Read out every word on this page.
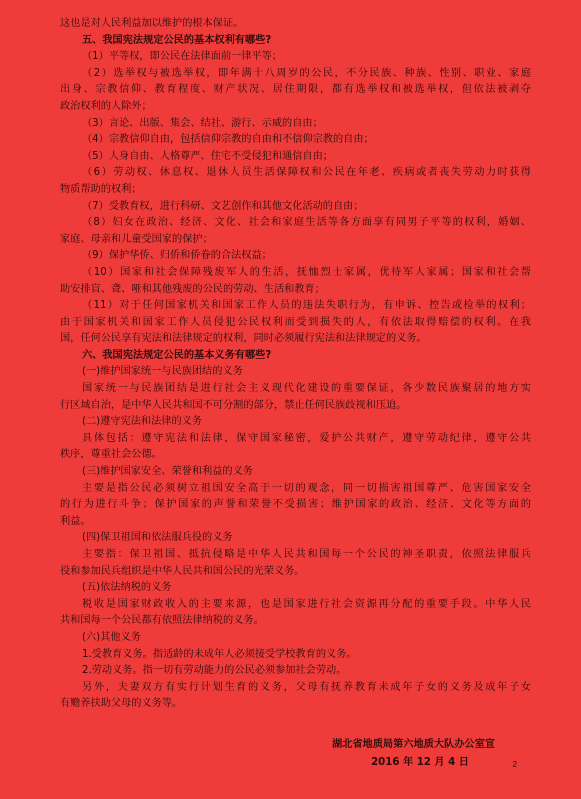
这也是对人民利益加以维护的根本保证。
五、我国宪法规定公民的基本权利有哪些?
（1）平等权，即公民在法律面前一律平等；
（2）选举权与被选举权，即年满十八周岁的公民，不分民族、种族、性别、职业、家庭
出身、宗教信仰、教育程度、财产状况、居住期限，都有选举权和被选举权，但依法被剥夺
政治权利的人除外；
（3）言论、出版、集会、结社、游行、示威的自由；
（4）宗教信仰自由，包括信仰宗教的自由和不信仰宗教的自由；
（5）人身自由、人格尊严、住宅不受侵犯和通信自由；
（6）劳动权、休息权、退休人员生活保障权和公民在年老、疾病或者丧失劳动力时获得
物质帮助的权利；
（7）受教育权，进行科研、文艺创作和其他文化活动的自由；
（8）妇女在政治、经济、文化、社会和家庭生活等各方面享有同男子平等的权利，婚姻、
家庭、母亲和儿童受国家的保护；
（9）保护华侨、归侨和侨眷的合法权益；
（10）国家和社会保障残废军人的生活，抚恤烈士家属，优待军人家属；国家和社会帮
助安排盲、聋、哑和其他残废的公民的劳动、生活和教育；
（11）对于任何国家机关和国家工作人员的违法失职行为，有申诉、控告或检举的权利；
由于国家机关和国家工作人员侵犯公民权利而受到损失的人，有依法取得赔偿的权利。在我
国，任何公民享有宪法和法律规定的权利，同时必须履行宪法和法律规定的义务。
六、我国宪法规定公民的基本义务有哪些?
(一)维护国家统一与民族团结的义务
国家统一与民族团结是进行社会主义现代化建设的重要保证，各少数民族聚居的地方实
行区域自治，是中华人民共和国不可分割的部分，禁止任何民族歧视和压迫。
(二)遵守宪法和法律的义务
具体包括：遵守宪法和法律，保守国家秘密，爱护公共财产，遵守劳动纪律，遵守公共
秩序，尊重社会公德。
(三)维护国家安全、荣誉和利益的义务
主要是指公民必须树立祖国安全高于一切的观念，同一切损害祖国尊严、危害国家安全
的行为进行斗争；保护国家的声誉和荣誉不受损害；维护国家的政治、经济、文化等方面的
利益。
(四)保卫祖国和依法服兵役的义务
主要指：保卫祖国、抵抗侵略是中华人民共和国每一个公民的神圣职责，依照法律服兵
役和参加民兵组织是中华人民共和国公民的光荣义务。
(五)依法纳税的义务
税收是国家财政收入的主要来源，也是国家进行社会资源再分配的重要手段。中华人民
共和国每一个公民都有依照法律纳税的义务。
(六)其他义务
1.受教育义务。指适龄的未成年人必须接受学校教育的义务。
2.劳动义务。指一切有劳动能力的公民必须参加社会劳动。
另外，夫妻双方有实行计划生育的义务，父母有抚养教育未成年子女的义务及成年子女
有赡养扶助父母的义务等。
湖北省地质局第六地质大队办公室宣
2016 年 12 月 4 日	2
